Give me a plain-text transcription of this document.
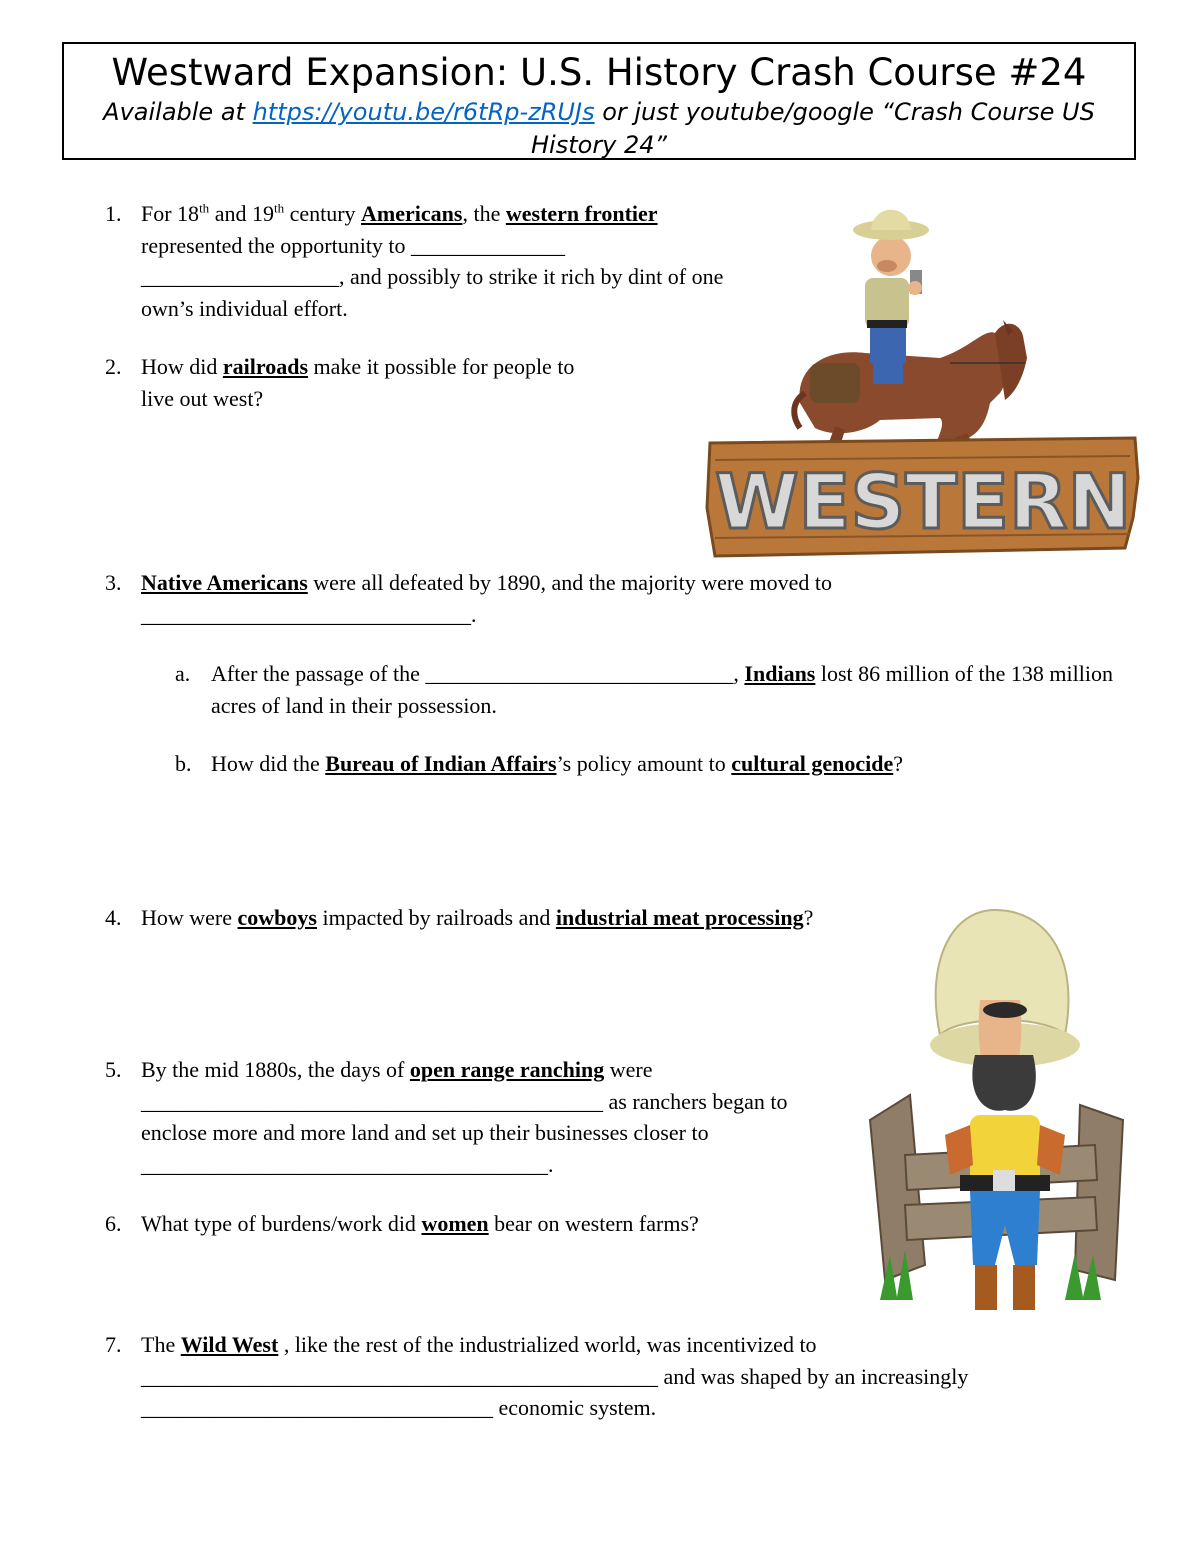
Westward Expansion: U.S. History Crash Course #24
Available at https://youtu.be/r6tRp-zRUJs or just youtube/google “Crash Course US History 24”
1. For 18th and 19th century Americans, the western frontier represented the opportunity to ______________ __________________, and possibly to strike it rich by dint of one own’s individual effort.
2. How did railroads make it possible for people to live out west?
WESTERN
3. Native Americans were all defeated by 1890, and the majority were moved to ______________________________.
a. After the passage of the ____________________________, Indians lost 86 million of the 138 million acres of land in their possession.
b. How did the Bureau of Indian Affairs’s policy amount to cultural genocide?
4. How were cowboys impacted by railroads and industrial meat processing?
5. By the mid 1880s, the days of open range ranching were __________________________________________ as ranchers began to enclose more and more land and set up their businesses closer to _____________________________________.
6. What type of burdens/work did women bear on western farms?
7. The Wild West , like the rest of the industrialized world, was incentivized to _______________________________________________ and was shaped by an increasingly ________________________________ economic system.
